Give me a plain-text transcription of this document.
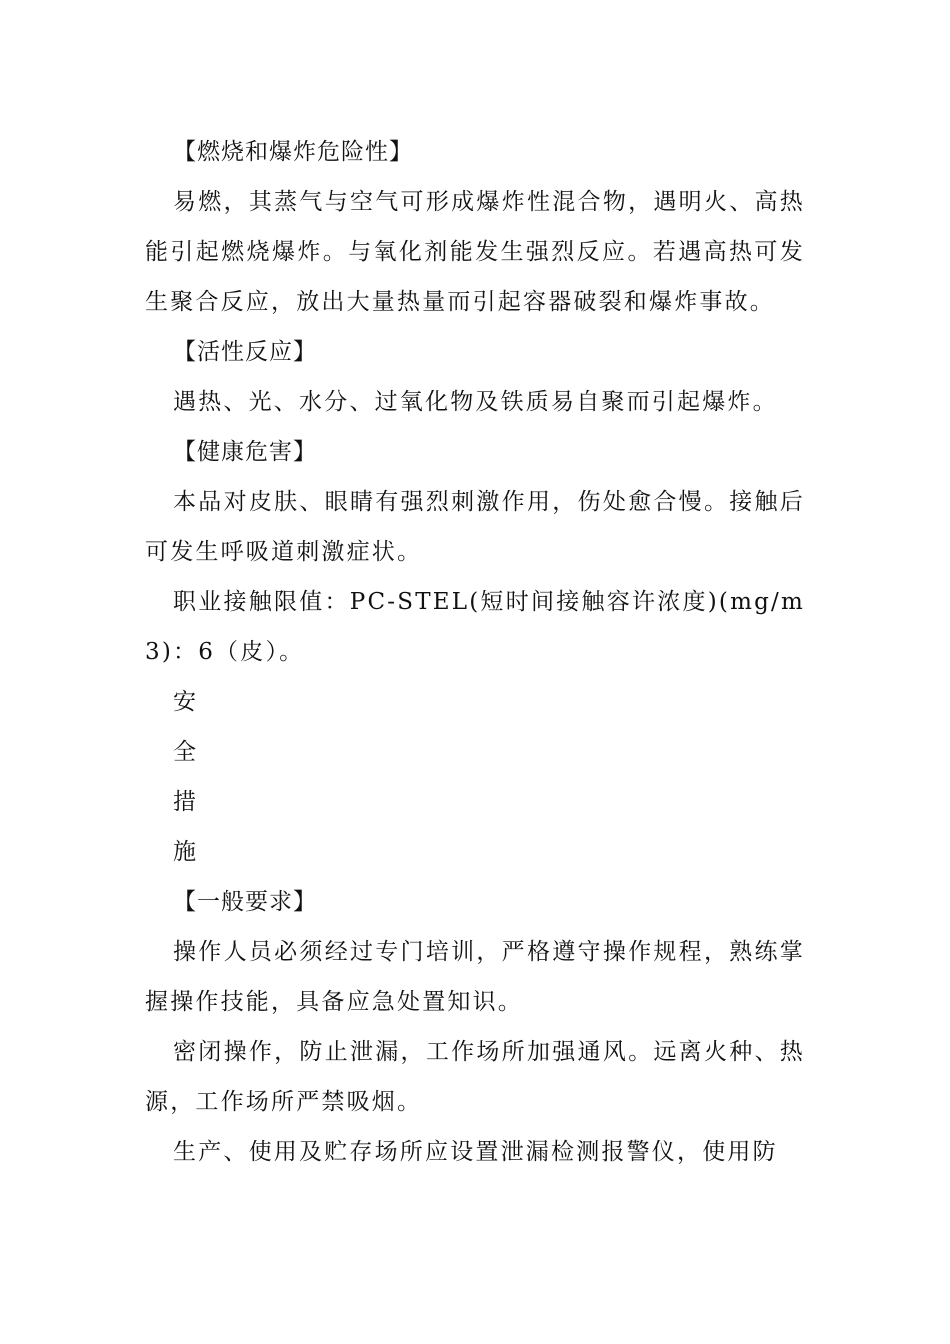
【燃烧和爆炸危险性】

易燃，其蒸气与空气可形成爆炸性混合物，遇明火、高热能引起燃烧爆炸。与氧化剂能发生强烈反应。若遇高热可发生聚合反应，放出大量热量而引起容器破裂和爆炸事故。

【活性反应】

遇热、光、水分、过氧化物及铁质易自聚而引起爆炸。

【健康危害】

本品对皮肤、眼睛有强烈刺激作用，伤处愈合慢。接触后可发生呼吸道刺激症状。

职业接触限值：PC-STEL(短时间接触容许浓度)(mg/m3)：6（皮）。

安

全

措

施

【一般要求】

操作人员必须经过专门培训，严格遵守操作规程，熟练掌握操作技能，具备应急处置知识。

密闭操作，防止泄漏，工作场所加强通风。远离火种、热源，工作场所严禁吸烟。

生产、使用及贮存场所应设置泄漏检测报警仪，使用防
